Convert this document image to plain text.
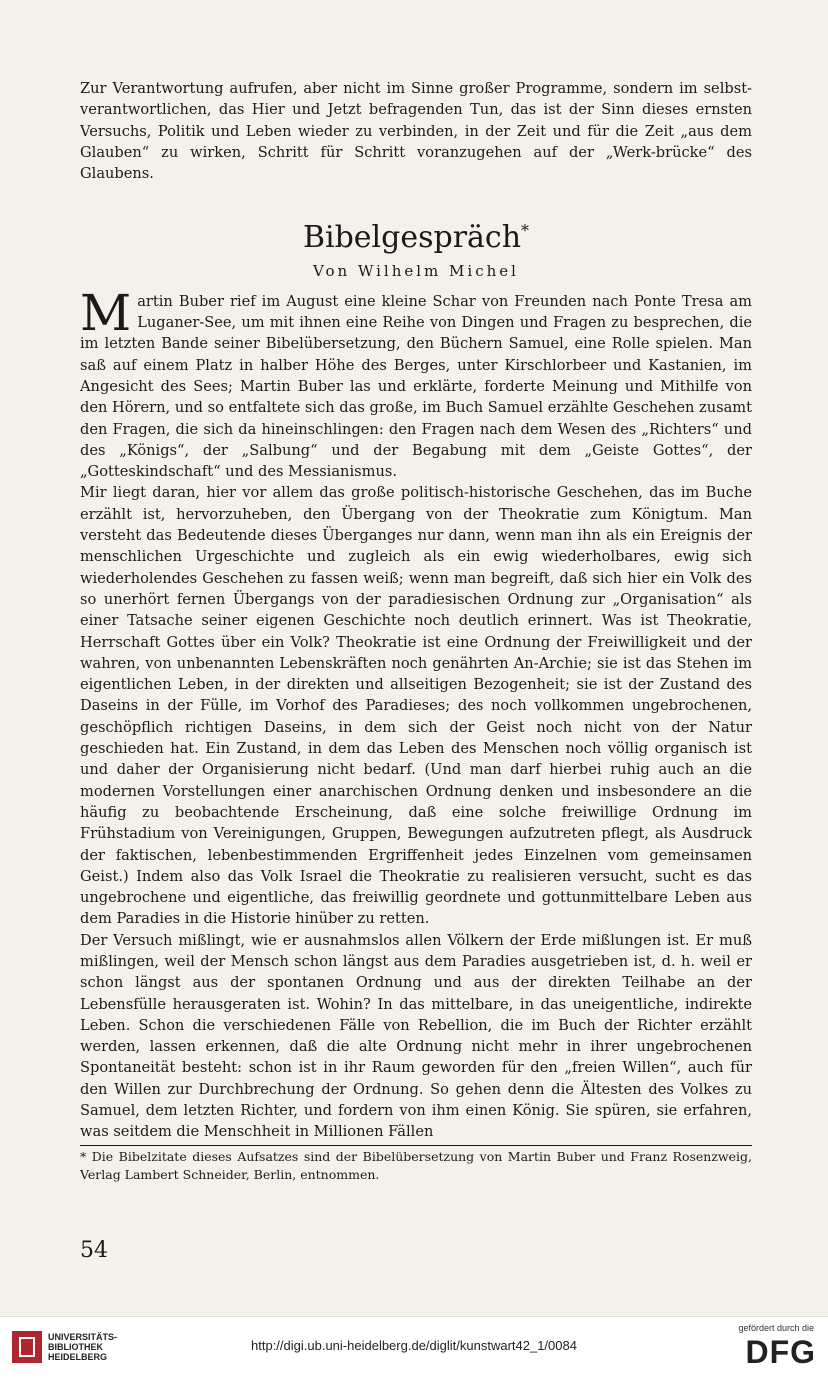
Zur Verantwortung aufrufen, aber nicht im Sinne großer Programme, sondern im selbst-verantwortlichen, das Hier und Jetzt befragenden Tun, das ist der Sinn dieses ernsten Versuchs, Politik und Leben wieder zu verbinden, in der Zeit und für die Zeit „aus dem Glauben“ zu wirken, Schritt für Schritt voranzugehen auf der „Werk-brücke“ des Glaubens.

Bibelgespräch*
Von Wilhelm Michel

Martin Buber rief im August eine kleine Schar von Freunden nach Ponte Tresa am Luganer-See, um mit ihnen eine Reihe von Dingen und Fragen zu besprechen, die im letzten Bande seiner Bibelübersetzung, den Büchern Samuel, eine Rolle spielen. Man saß auf einem Platz in halber Höhe des Berges, unter Kirschlorbeer und Kastanien, im Angesicht des Sees; Martin Buber las und erklärte, forderte Meinung und Mithilfe von den Hörern, und so entfaltete sich das große, im Buch Samuel erzählte Geschehen zusamt den Fragen, die sich da hineinschlingen: den Fragen nach dem Wesen des „Richters“ und des „Königs“, der „Salbung“ und der Begabung mit dem „Geiste Gottes“, der „Gotteskindschaft“ und des Messianismus.

Mir liegt daran, hier vor allem das große politisch-historische Geschehen, das im Buche erzählt ist, hervorzuheben, den Übergang von der Theokratie zum Königtum. Man versteht das Bedeutende dieses Überganges nur dann, wenn man ihn als ein Ereignis der menschlichen Urgeschichte und zugleich als ein ewig wiederholbares, ewig sich wiederholendes Geschehen zu fassen weiß; wenn man begreift, daß sich hier ein Volk des so unerhört fernen Übergangs von der paradiesischen Ordnung zur „Organisation“ als einer Tatsache seiner eigenen Geschichte noch deutlich erinnert. Was ist Theokratie, Herrschaft Gottes über ein Volk? Theokratie ist eine Ordnung der Freiwilligkeit und der wahren, von unbenannten Lebenskräften noch genährten An-Archie; sie ist das Stehen im eigentlichen Leben, in der direkten und allseitigen Bezogenheit; sie ist der Zustand des Daseins in der Fülle, im Vorhof des Paradieses; des noch vollkommen ungebrochenen, geschöpflich richtigen Daseins, in dem sich der Geist noch nicht von der Natur geschieden hat. Ein Zustand, in dem das Leben des Menschen noch völlig organisch ist und daher der Organisierung nicht bedarf. (Und man darf hierbei ruhig auch an die modernen Vorstellungen einer anarchischen Ordnung denken und insbesondere an die häufig zu beobachtende Erscheinung, daß eine solche freiwillige Ordnung im Frühstadium von Vereinigungen, Gruppen, Bewegungen aufzutreten pflegt, als Ausdruck der faktischen, lebenbestimmenden Ergriffenheit jedes Einzelnen vom gemeinsamen Geist.) Indem also das Volk Israel die Theokratie zu realisieren versucht, sucht es das ungebrochene und eigentliche, das freiwillig geordnete und gottunmittelbare Leben aus dem Paradies in die Historie hinüber zu retten.

Der Versuch mißlingt, wie er ausnahmslos allen Völkern der Erde mißlungen ist. Er muß mißlingen, weil der Mensch schon längst aus dem Paradies ausgetrieben ist, d. h. weil er schon längst aus der spontanen Ordnung und aus der direkten Teilhabe an der Lebensfülle herausgeraten ist. Wohin? In das mittelbare, in das uneigentliche, indirekte Leben. Schon die verschiedenen Fälle von Rebellion, die im Buch der Richter erzählt werden, lassen erkennen, daß die alte Ordnung nicht mehr in ihrer ungebrochenen Spontaneität besteht: schon ist in ihr Raum geworden für den „freien Willen“, auch für den Willen zur Durchbrechung der Ordnung. So gehen denn die Ältesten des Volkes zu Samuel, dem letzten Richter, und fordern von ihm einen König. Sie spüren, sie erfahren, was seitdem die Menschheit in Millionen Fällen

* Die Bibelzitate dieses Aufsatzes sind der Bibelübersetzung von Martin Buber und Franz Rosenzweig, Verlag Lambert Schneider, Berlin, entnommen.

54
UNIVERSITÄTS-
BIBLIOTHEK
HEIDELBERG
http://digi.ub.uni-heidelberg.de/diglit/kunstwart42_1/0084
gefördert durch die
DFG
